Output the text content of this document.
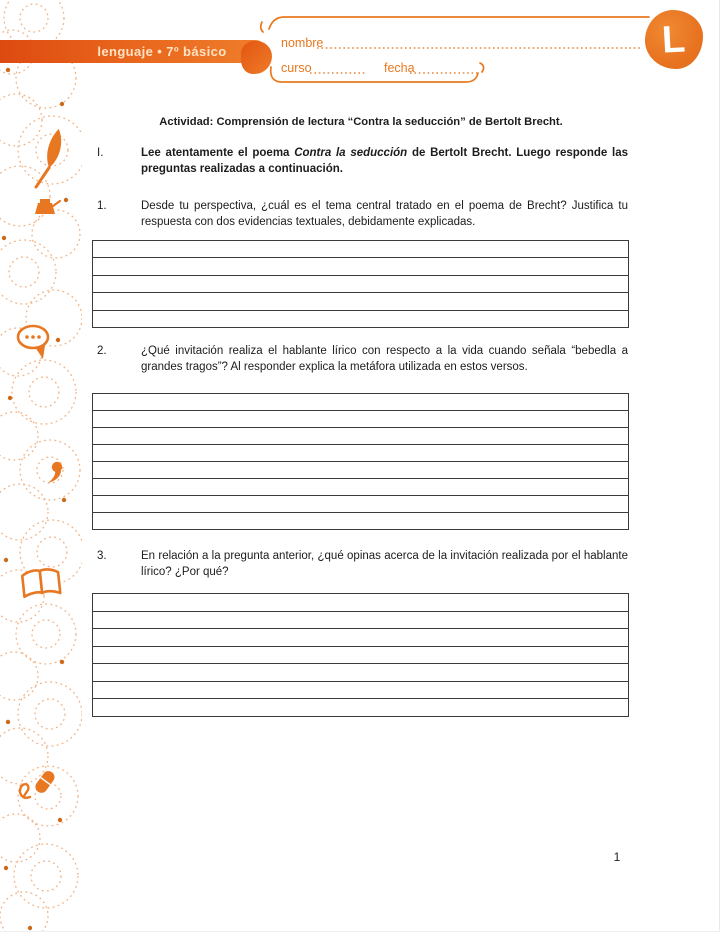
lenguaje • 7º básico
nombre
curso	fecha
L
Actividad: Comprensión de lectura “Contra la seducción” de Bertolt Brecht.
I.	Lee atentamente el poema Contra la seducción de Bertolt Brecht. Luego responde las preguntas realizadas a continuación.
1.	Desde tu perspectiva, ¿cuál es el tema central tratado en el poema de Brecht? Justifica tu respuesta con dos evidencias textuales, debidamente explicadas.
2.	¿Qué invitación realiza el hablante lírico con respecto a la vida cuando señala “bebedla a grandes tragos”? Al responder explica la metáfora utilizada en estos versos.
3.	En relación a la pregunta anterior, ¿qué opinas acerca de la invitación realizada por el hablante lírico? ¿Por qué?
1
